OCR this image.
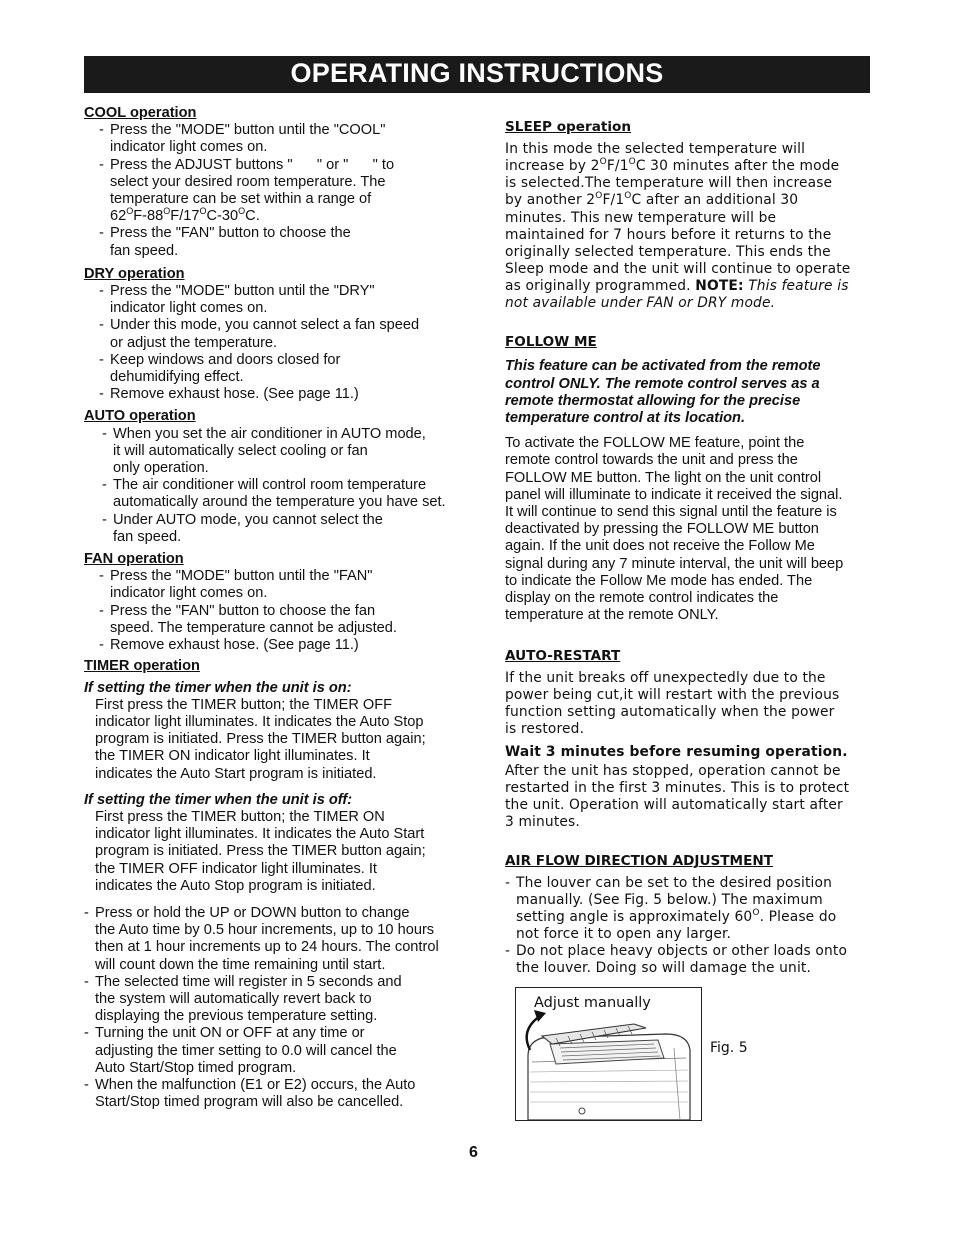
OPERATING INSTRUCTIONS

COOL operation

- Press the "MODE" button until the "COOL"
indicator light comes on.

- Press the ADJUST buttons "      " or "      " to
select your desired room temperature. The
temperature can be set within a range of
$62^OF-88^OF/17^OC-30^OC$.

- Press the "FAN" button to choose the
fan speed.

DRY operation

- Press the "MODE" button until the "DRY"
indicator light comes on.

- Under this mode, you cannot select a fan speed
or adjust the temperature.

- Keep windows and doors closed for
dehumidifying effect.

- Remove exhaust hose. (See page 11.)

AUTO operation

- When you set the air conditioner in AUTO mode,
it will automatically select cooling or fan
only operation.

- The air conditioner will control room temperature
automatically around the temperature you have set.

- Under AUTO mode, you cannot select the
fan speed.

FAN operation

- Press the "MODE" button until the "FAN"
indicator light comes on.

- Press the "FAN" button to choose the fan
speed. The temperature cannot be adjusted.

- Remove exhaust hose. (See page 11.)

TIMER operation

If setting the timer when the unit is on:

First press the TIMER button; the TIMER OFF
indicator light illuminates. It indicates the Auto Stop
program is initiated. Press the TIMER button again;
the TIMER ON indicator light illuminates. It
indicates the Auto Start program is initiated.

If setting the timer when the unit is off:

First press the TIMER button; the TIMER ON
indicator light illuminates. It indicates the Auto Start
program is initiated. Press the TIMER button again;
the TIMER OFF indicator light illuminates. It
indicates the Auto Stop program is initiated.

- Press or hold the UP or DOWN button to change
the Auto time by 0.5 hour increments, up to 10 hours
then at 1 hour increments up to 24 hours. The control
will count down the time remaining until start.

- The selected time will register in 5 seconds and
the system will automatically revert back to
displaying the previous temperature setting.

- Turning the unit ON or OFF at any time or
adjusting the timer setting to 0.0 will cancel the
Auto Start/Stop timed program.

- When the malfunction (E1 or E2) occurs, the Auto
Start/Stop timed program will also be cancelled.

SLEEP operation

In this mode the selected temperature will
increase by $2^OF/1^OC$ 30 minutes after the mode
is selected.The temperature will then increase
by another $2^OF/1^OC$ after an additional 30
minutes. This new temperature will be
maintained for 7 hours before it returns to the
originally selected temperature. This ends the
Sleep mode and the unit will continue to operate
as originally programmed. NOTE: This feature is
not available under FAN or DRY mode.

FOLLOW ME

This feature can be activated from the remote
control ONLY. The remote control serves as a
remote thermostat allowing for the precise
temperature control at its location.

To activate the FOLLOW ME feature, point the
remote control towards the unit and press the
FOLLOW ME button. The light on the unit control
panel will illuminate to indicate it received the signal.
It will continue to send this signal until the feature is
deactivated by pressing the FOLLOW ME button
again. If the unit does not receive the Follow Me
signal during any 7 minute interval, the unit will beep
to indicate the Follow Me mode has ended. The
display on the remote control indicates the
temperature at the remote ONLY.

AUTO-RESTART

If the unit breaks off unexpectedly due to the
power being cut,it will restart with the previous
function setting automatically when the power
is restored.

Wait 3 minutes before resuming operation.

After the unit has stopped, operation cannot be
restarted in the first 3 minutes. This is to protect
the unit. Operation will automatically start after
3 minutes.

AIR FLOW DIRECTION ADJUSTMENT

- The louver can be set to the desired position
manually. (See Fig. 5 below.) The maximum
setting angle is approximately $60^O$. Please do
not force it to open any larger.

- Do not place heavy objects or other loads onto
the louver. Doing so will damage the unit.

Adjust manually
Fig. 5
6
